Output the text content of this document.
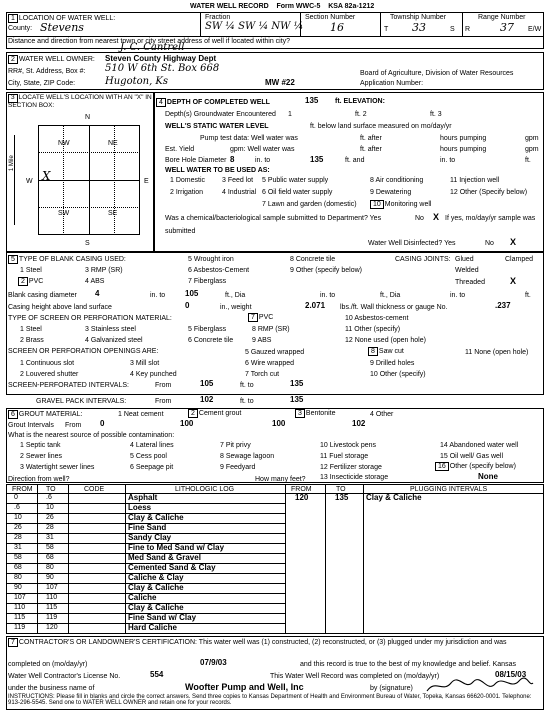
WATER WELL RECORD Form WWC-5 KSA 82a-1212
1 LOCATION OF WATER WELL:
County: Stevens
Fraction
SW ¼ SW ¼ NW ¼
Section Number
16
Township Number
T 33	S
Range Number
R	37 E/W
Distance and direction from nearest town or city street address of well if located within city?
J. C. Cantrell
2 WATER WELL OWNER: Steven County Highway Dept
RR#, St. Address, Box #: 510 W 6th St. Box 668
City, State, ZIP Code:	Hugoton, Ks	MW #22
Board of Agriculture, Division of Water Resources
Application Number:
3 LOCATE WELL'S LOCATION WITH AN "X" IN SECTION BOX:
N
S
W	E
1 Mile
NW	NE
SW	SE
X
4 DEPTH OF COMPLETED WELL	135 ft. ELEVATION:
Depth(s) Groundwater Encountered 1	ft. 2	ft. 3
WELL'S STATIC WATER LEVEL	ft. below land surface measured on mo/day/yr
Pump test data: Well water was	ft. after	hours pumping	gpm
Est. Yield	gpm: Well water was	ft. after	hours pumping	gpm
Bore Hole Diameter 8	in. to	135	ft. and	in. to	ft.
WELL WATER TO BE USED AS:
1 Domestic 3 Feed lot 5 Public water supply	8 Air conditioning	11 Injection well
2 Irrigation	4 Industrial 6 Oil field water supply	9 Dewatering	12 Other (Specify below)
7 Lawn and garden (domestic)	10 Monitoring well
Was a chemical/bacteriological sample submitted to Department? Yes	No X If yes, mo/day/yr sample was
submitted
Water Well Disinfected? Yes	No X
5 TYPE OF BLANK CASING USED:	5 Wrought iron	8 Concrete tile	CASING JOINTS: Glued	Clamped
1 Steel	3 RMP (SR)	6 Asbestos-Cement	9 Other (specify below)	Welded
2 PVC	4 ABS	7 Fiberglass	Threaded	X
Blank casing diameter 4	in. to 105	ft., Dia	in. to	ft., Dia	in. to	ft.
Casing height above land surface	0	in., weight	2.071 lbs./ft. Wall thickness or gauge No.	.237
TYPE OF SCREEN OR PERFORATION MATERIAL:	7 PVC	10 Asbestos-cement
1 Steel	3 Stainless steel	5 Fiberglass	8 RMP (SR)	11 Other (specify)
2 Brass	4 Galvanized steel	6 Concrete tile	9 ABS	12 None used (open hole)
SCREEN OR PERFORATION OPENINGS ARE:	5 Gauzed wrapped	8 Saw cut	11 None (open hole)
1 Continuous slot	3 Mill slot	6 Wire wrapped	9 Drilled holes
2 Louvered shutter	4 Key punched	7 Torch cut	10 Other (specify)
SCREEN-PERFORATED INTERVALS:	From	105	ft. to	135
GRAVEL PACK INTERVALS:	From	102	ft. to	135
6 GROUT MATERIAL:	1 Neat cement	2 Cement grout	3 Bentonite	4 Other
Grout Intervals From 0	100	100	102
What is the nearest source of possible contamination:
1 Septic tank	4 Lateral lines	7 Pit privy	10 Livestock pens	14 Abandoned water well
2 Sewer lines	5 Cess pool	8 Sewage lagoon	11 Fuel storage	15 Oil well/ Gas well
3 Watertight sewer lines	6 Seepage pit	9 Feedyard	12 Fertilizer storage	16 Other (specify below)
13 Insecticide storage	None
Direction from well?	How many feet?
FROM TO	CODE	LITHOLOGIC LOG	FROM	TO	PLUGGING INTERVALS
0	.6	Asphalt
.6	10	Loess
10	26	Clay & Caliche
26	28	Fine Sand
28	31	Sandy Clay
31	58	Fine to Med Sand w/ Clay
58	68	Med Sand & Gravel
68	80	Cemented Sand & Clay
80	90	Caliche & Clay
90	107	Clay & Caliche
107	110	Caliche
110	115	Clay & Caliche
115	119	Fine Sand w/ Clay
119	120	Hard Caliche
120	135 Clay & Caliche
7 CONTRACTOR'S OR LANDOWNER'S CERTIFICATION: This water well was (1) constructed, (2) reconstructed, or (3) plugged under my jurisdiction and was
completed on (mo/day/yr)	07/9/03	and this record is true to the best of my knowledge and belief. Kansas
Water Well Contractor's License No.	554	This Water Well Record was completed on (mo/day/yr)	08/15/03
under the business name of	Woofter Pump and Well, Inc	by (signature)
INSTRUCTIONS: Please fill in blanks and circle the correct answers. Send three copies to Kansas Department of Health and Environment Bureau of Water, Topeka, Kansas 66620-0001. Telephone: 913-296-5545. Send one to WATER WELL OWNER and retain one for your records.
